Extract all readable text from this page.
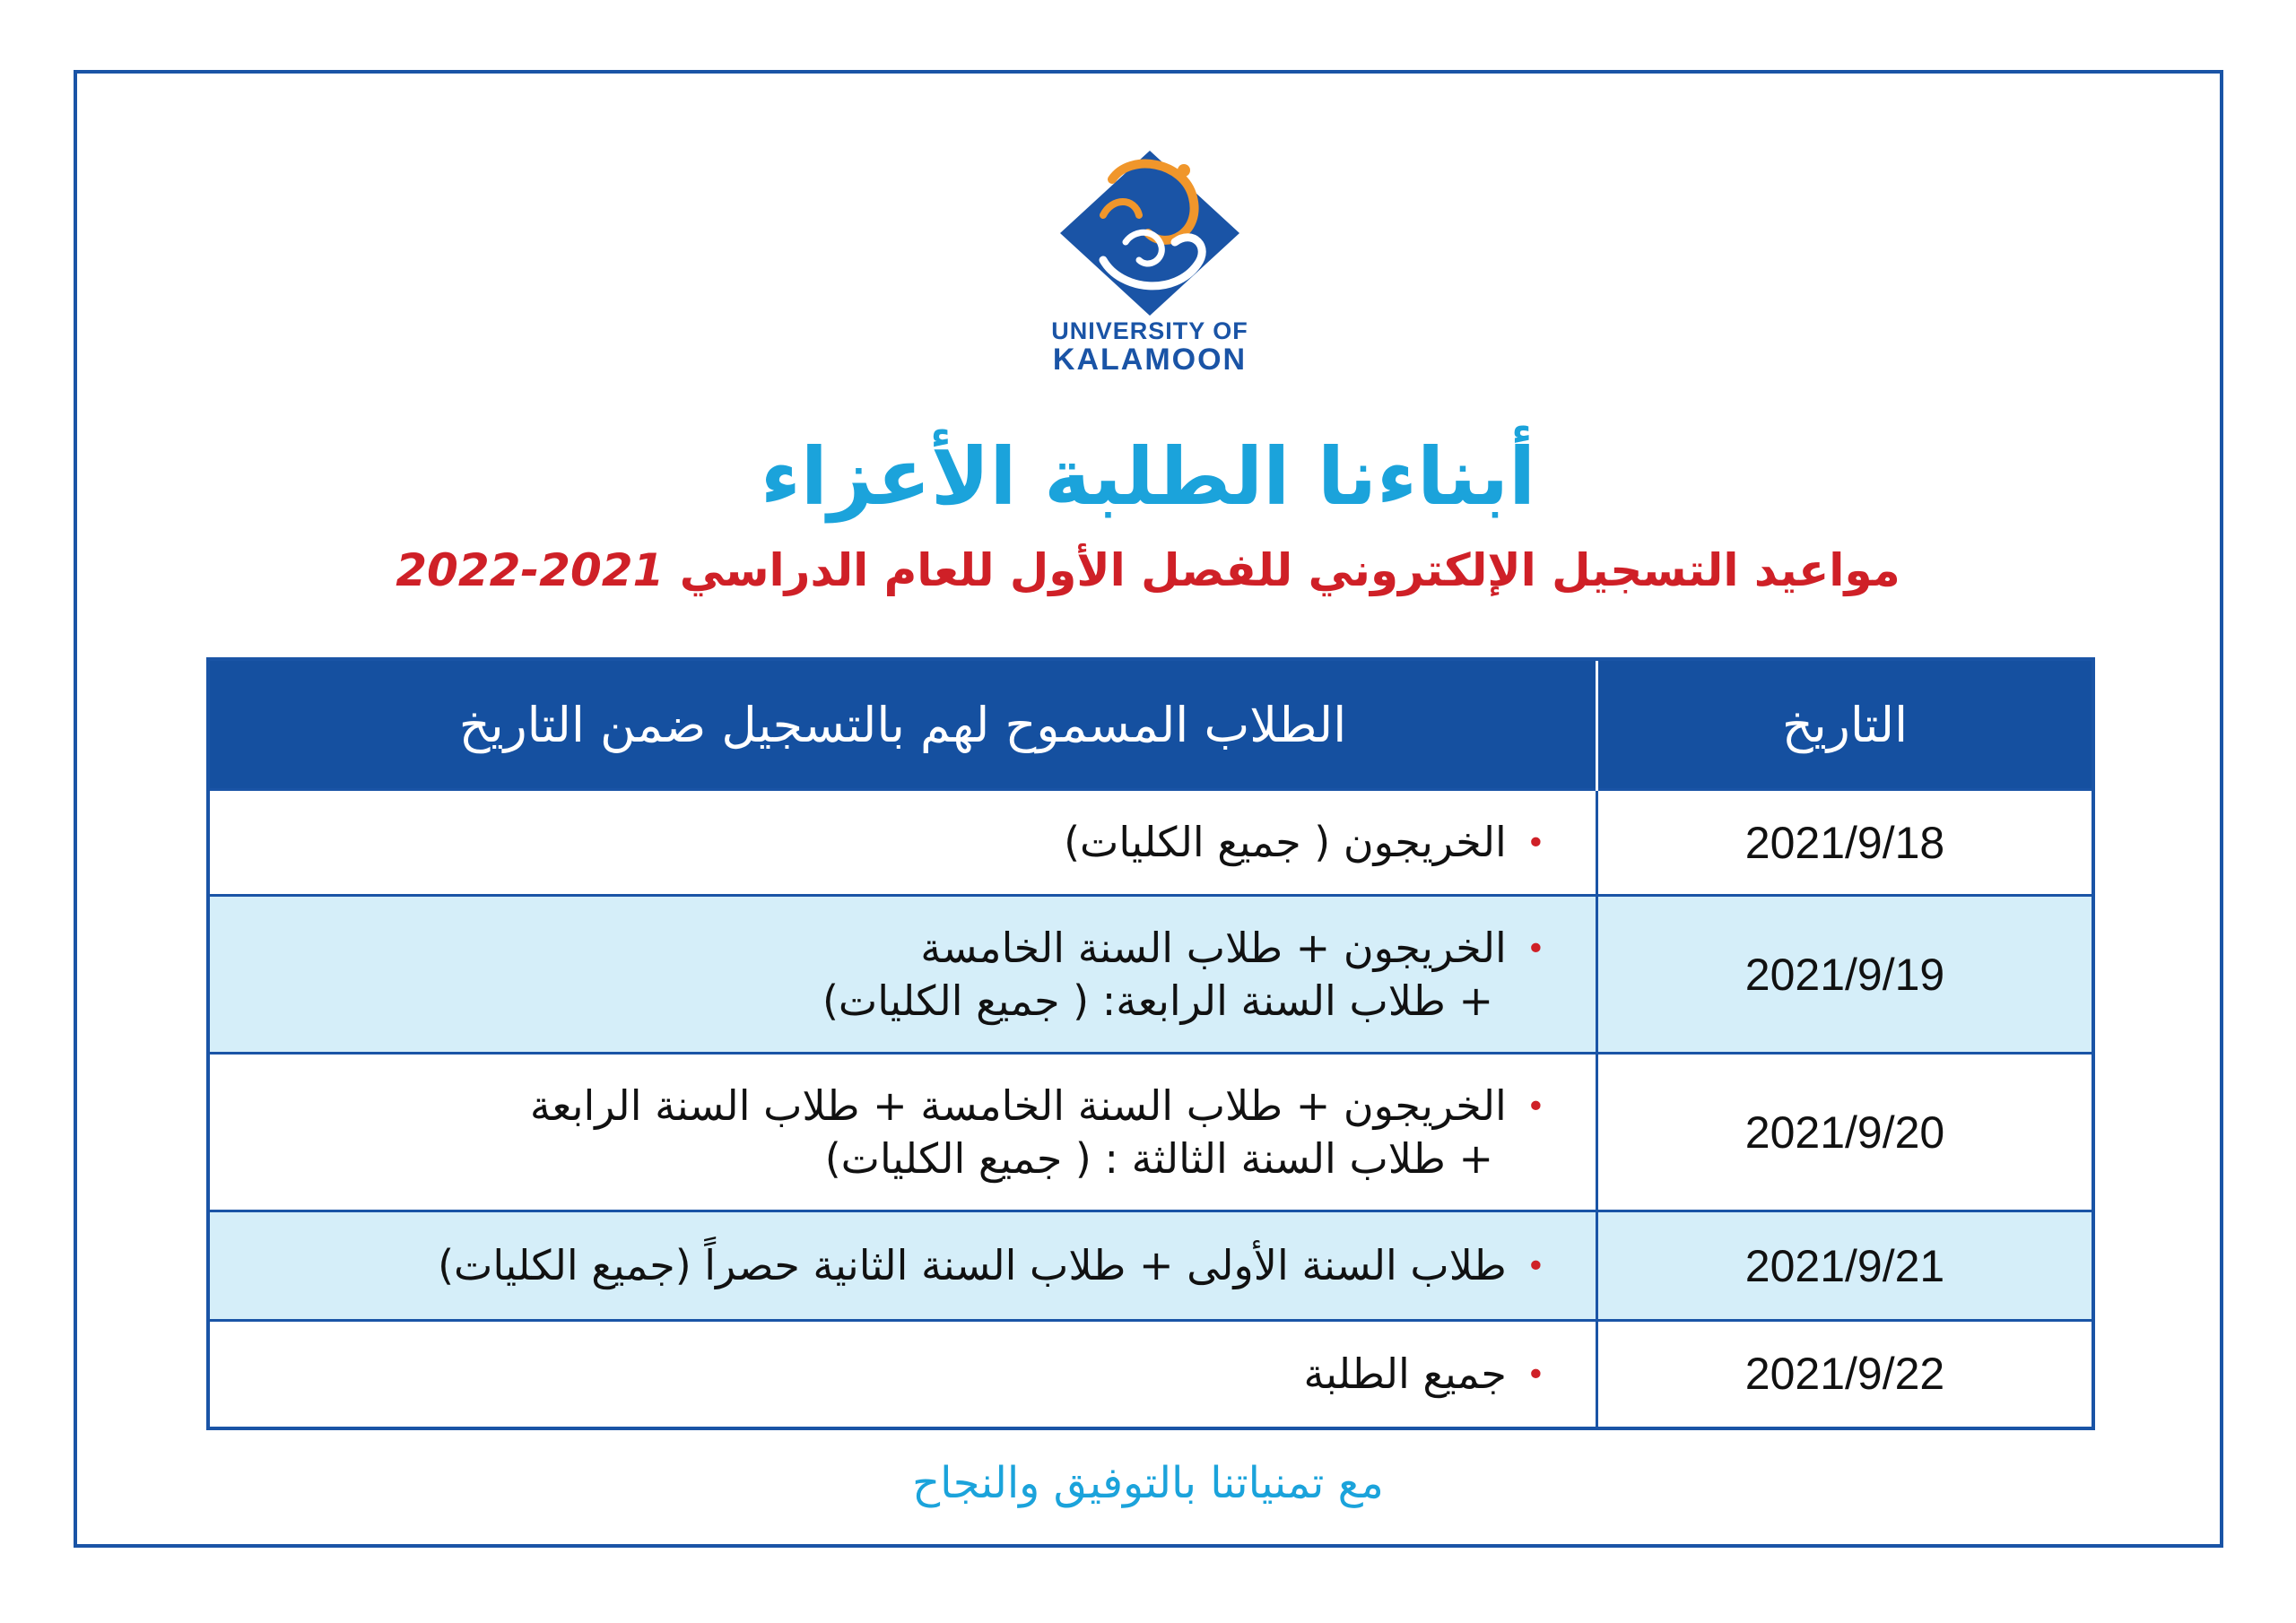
UNIVERSITY OF
KALAMOON
أبناءنا الطلبة الأعزاء
مواعيد التسجيل الإلكتروني للفصل الأول للعام الدراسي 2021-2022
التاريخ	الطلاب المسموح لهم بالتسجيل ضمن التاريخ
2021/9/18	•الخريجون ( جميع الكليات)
2021/9/19	•الخريجون + طلاب السنة الخامسة
+ طلاب السنة الرابعة: ( جميع الكليات)

2021/9/20	•الخريجون + طلاب السنة الخامسة + طلاب السنة الرابعة
+ طلاب السنة الثالثة : ( جميع الكليات)

2021/9/21	•طلاب السنة الأولى + طلاب السنة الثانية حصراً (جميع الكليات)
2021/9/22	•جميع الطلبة
مع تمنياتنا بالتوفيق والنجاح
